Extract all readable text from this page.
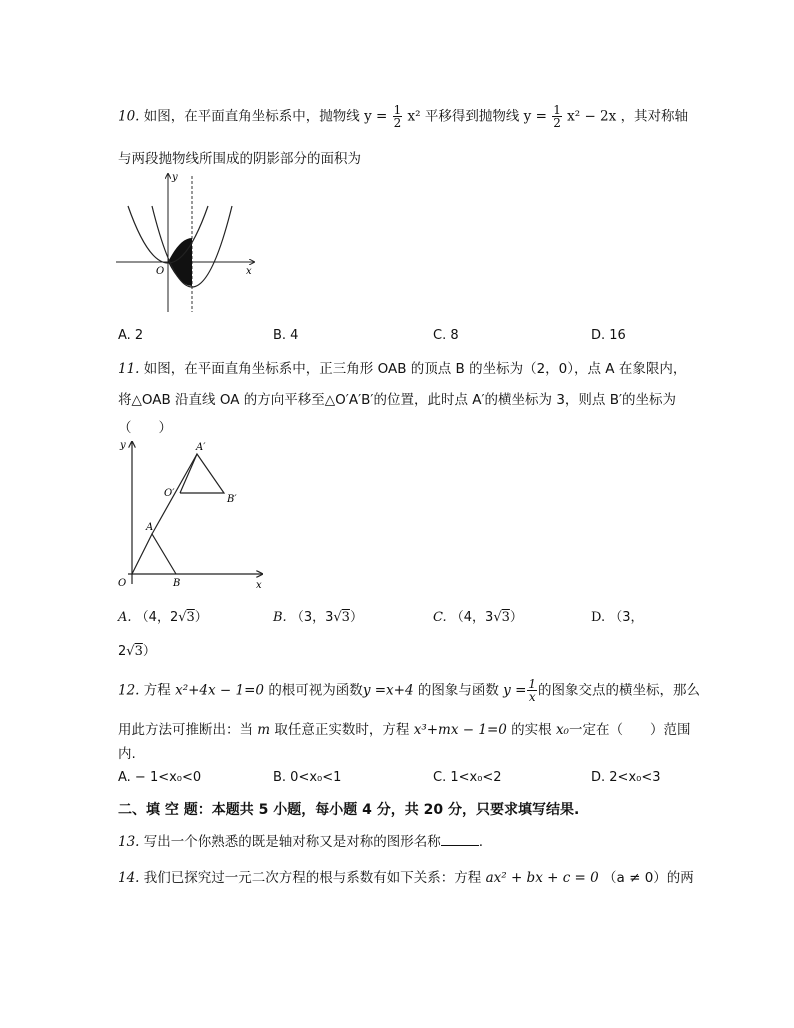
10. 如图，在平面直角坐标系中，抛物线 $y = \frac{1}{2} x^2$ 平移得到抛物线 $y = \frac{1}{2} x^2 - 2x$ ，其对称轴
与两段抛物线所围成的阴影部分的面积为
y
x
O
A. 2	B. 4	C. 8	D. 16
11. 如图，在平面直角坐标系中，正三角形 OAB 的顶点 B 的坐标为（2，0），点 A 在象限内，
将△OAB 沿直线 OA 的方向平移至△O′A′B′的位置，此时点 A′的横坐标为 3，则点 B′的坐标为
（　　）
y
x
O
A
B
O′
A′
B′
A. （4，2√3）	B. （3，3√3）	C. （4，3√3）	D. （3，
2√3）
12. 方程 x²+4x − 1=0 的根可视为函数y =x+4 的图象与函数 $y = \frac{1}{x}$ 的图象交点的横坐标，那么
用此方法可推断出：当 m 取任意正实数时，方程 x³+mx − 1=0 的实根 x₀一定在（　　）范围
内.
A. − 1<x₀<0	B. 0<x₀<1	C. 1<x₀<2	D. 2<x₀<3
二、填 空 题：本题共 5 小题，每小题 4 分，共 20 分，只要求填写结果.
13. 写出一个你熟悉的既是轴对称又是对称的图形名称	.
14. 我们已探究过一元二次方程的根与系数有如下关系：方程 ax² + bx + c = 0 （a ≠ 0）的两
